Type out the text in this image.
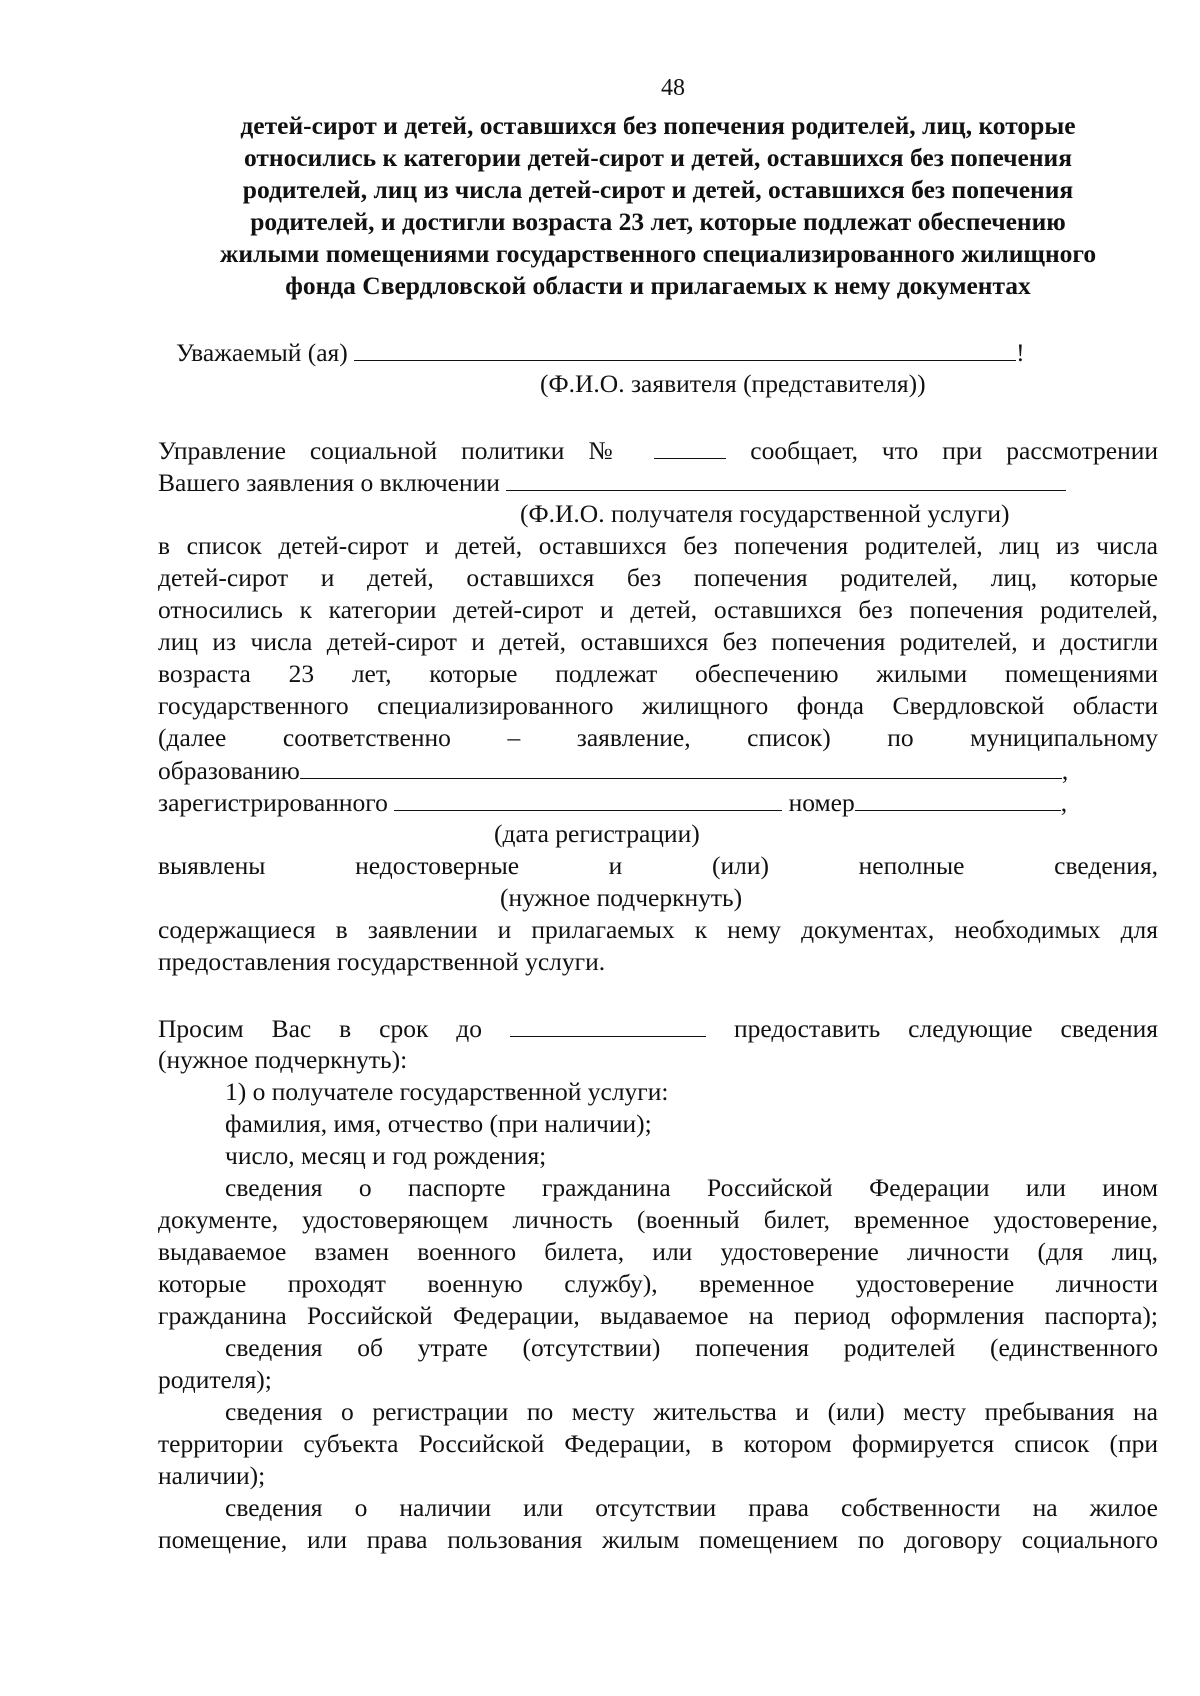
48
детей-сирот и детей, оставшихся без попечения родителей, лиц, которые
относились к категории детей-сирот и детей, оставшихся без попечения
родителей, лиц из числа детей-сирот и детей, оставшихся без попечения
родителей, и достигли возраста 23 лет, которые подлежат обеспечению
жилыми помещениями государственного специализированного жилищного
фонда Свердловской области и прилагаемых к нему документах
Уважаемый (ая)	!
(Ф.И.О. заявителя (представителя))
Управление социальной политики №	сообщает, что при рассмотрении
Вашего заявления о включении
(Ф.И.О. получателя государственной услуги)
в список детей-сирот и детей, оставшихся без попечения родителей, лиц из числа
детей-сирот и детей, оставшихся без попечения родителей, лиц, которые
относились к категории детей-сирот и детей, оставшихся без попечения родителей,
лиц из числа детей-сирот и детей, оставшихся без попечения родителей, и достигли
возраста 23 лет, которые подлежат обеспечению жилыми помещениями
государственного специализированного жилищного фонда Свердловской области
(далее соответственно – заявление, список) по муниципальному
образованию	,
зарегистрированного	номер	,
(дата регистрации)
выявлены	недостоверные	и	(или)	неполные	сведения,
(нужное подчеркнуть)
содержащиеся в заявлении и прилагаемых к нему документах, необходимых для
предоставления государственной услуги.
Просим Вас в срок до	предоставить следующие сведения
(нужное подчеркнуть):
1) о получателе государственной услуги:
фамилия, имя, отчество (при наличии);
число, месяц и год рождения;
сведения о паспорте гражданина Российской Федерации или ином
документе, удостоверяющем личность (военный билет, временное удостоверение,
выдаваемое взамен военного билета, или удостоверение личности (для лиц,
которые проходят военную службу), временное удостоверение личности
гражданина Российской Федерации, выдаваемое на период оформления паспорта);
сведения об утрате (отсутствии) попечения родителей (единственного
родителя);
сведения о регистрации по месту жительства и (или) месту пребывания на
территории субъекта Российской Федерации, в котором формируется список (при
наличии);
сведения о наличии или отсутствии права собственности на жилое
помещение, или права пользования жилым помещением по договору социального
